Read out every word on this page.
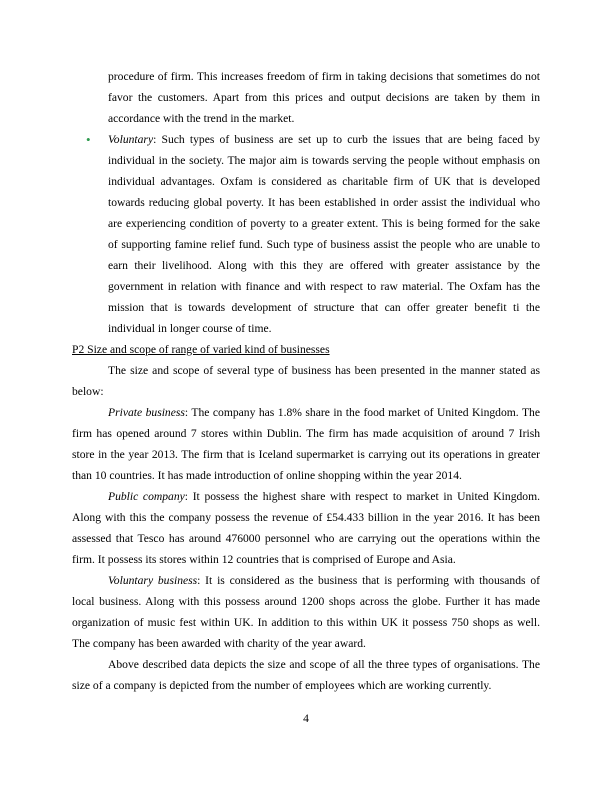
procedure of firm. This increases freedom of firm in taking decisions that sometimes do not favor the customers. Apart from this prices and output decisions are taken by them in accordance with the trend in the market.

• Voluntary: Such types of business are set up to curb the issues that are being faced by individual in the society. The major aim is towards serving the people without emphasis on individual advantages. Oxfam is considered as charitable firm of UK that is developed towards reducing global poverty. It has been established in order assist the individual who are experiencing condition of poverty to a greater extent. This is being formed for the sake of supporting famine relief fund. Such type of business assist the people who are unable to earn their livelihood. Along with this they are offered with greater assistance by the government in relation with finance and with respect to raw material. The Oxfam has the mission that is towards development of structure that can offer greater benefit ti the individual in longer course of time.

P2 Size and scope of range of varied kind of businesses

The size and scope of several type of business has been presented in the manner stated as below:

Private business: The company has 1.8% share in the food market of United Kingdom. The firm has opened around 7 stores within Dublin. The firm has made acquisition of around 7 Irish store in the year 2013. The firm that is Iceland supermarket is carrying out its operations in greater than 10 countries. It has made introduction of online shopping within the year 2014.

Public company: It possess the highest share with respect to market in United Kingdom. Along with this the company possess the revenue of £54.433 billion in the year 2016. It has been assessed that Tesco has around 476000 personnel who are carrying out the operations within the firm. It possess its stores within 12 countries that is comprised of Europe and Asia.

Voluntary business: It is considered as the business that is performing with thousands of local business. Along with this possess around 1200 shops across the globe. Further it has made organization of music fest within UK. In addition to this within UK it possess 750 shops as well. The company has been awarded with charity of the year award.

Above described data depicts the size and scope of all the three types of organisations. The size of a company is depicted from the number of employees which are working currently.

4
